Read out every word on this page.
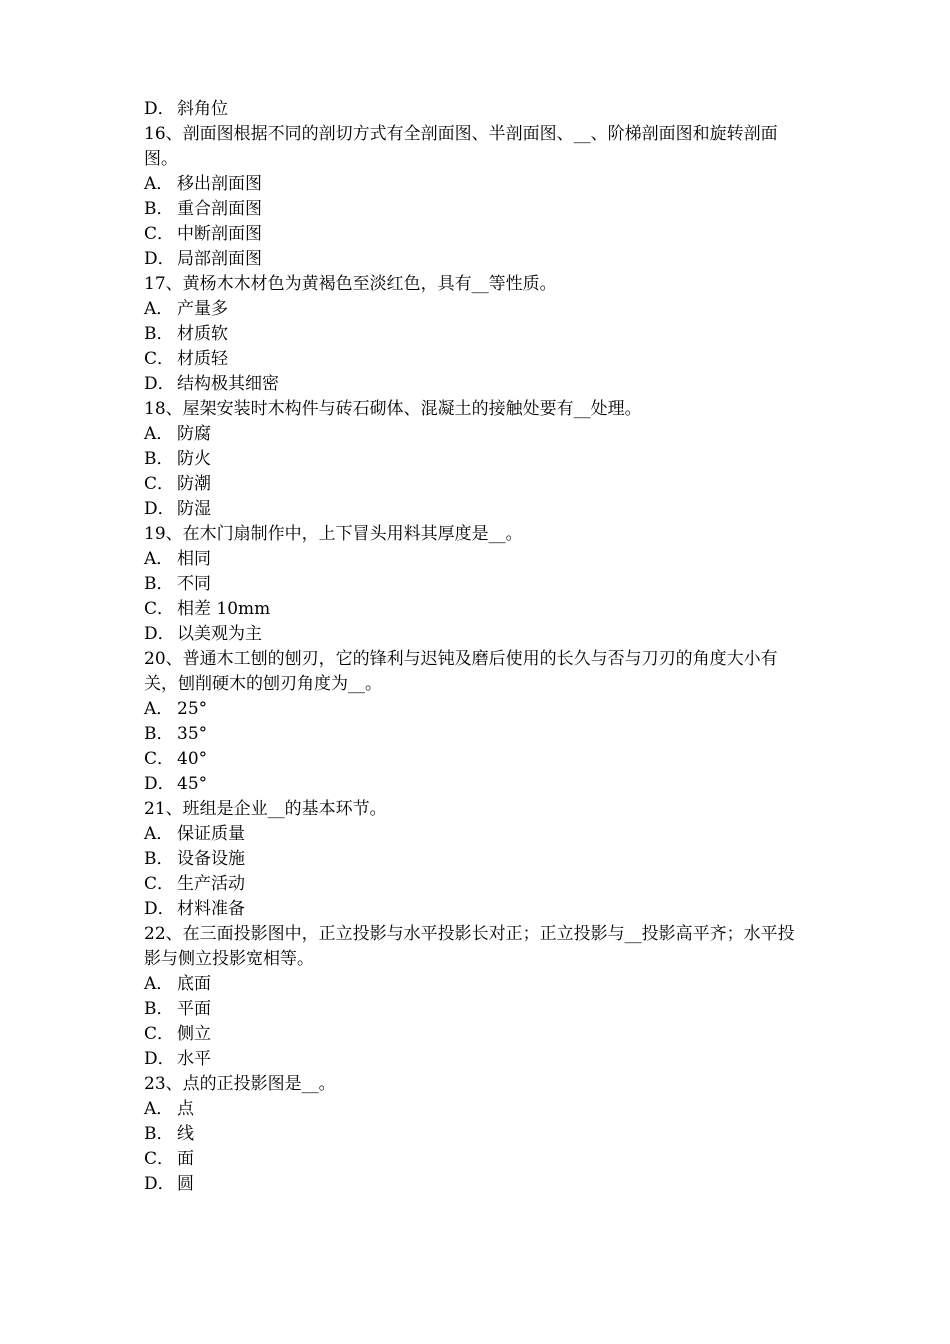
D． 斜角位
16、剖面图根据不同的剖切方式有全剖面图、半剖面图、__、阶梯剖面图和旋转剖面图。
A． 移出剖面图
B． 重合剖面图
C． 中断剖面图
D． 局部剖面图
17、黄杨木木材色为黄褐色至淡红色，具有__等性质。
A． 产量多
B． 材质软
C． 材质轻
D． 结构极其细密
18、屋架安装时木构件与砖石砌体、混凝土的接触处要有__处理。
A． 防腐
B． 防火
C． 防潮
D． 防湿
19、在木门扇制作中，上下冒头用料其厚度是__。
A． 相同
B． 不同
C． 相差 10mm
D． 以美观为主
20、普通木工刨的刨刃，它的锋利与迟钝及磨后使用的长久与否与刀刃的角度大小有关，刨削硬木的刨刃角度为__。
A． 25°
B． 35°
C． 40°
D． 45°
21、班组是企业__的基本环节。
A． 保证质量
B． 设备设施
C． 生产活动
D． 材料准备
22、在三面投影图中，正立投影与水平投影长对正；正立投影与__投影高平齐；水平投影与侧立投影宽相等。
A． 底面
B． 平面
C． 侧立
D． 水平
23、点的正投影图是__。
A． 点
B． 线
C． 面
D． 圆
